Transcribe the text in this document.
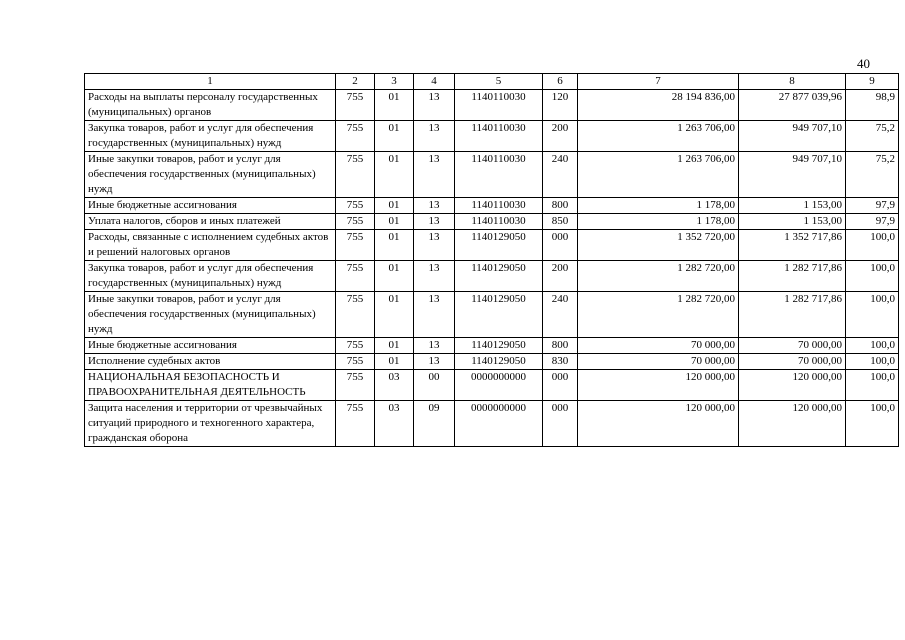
40
1	2	3	4	5	6	7	8	9
Расходы на выплаты персоналу государственных (муниципальных) органов	755	01	13	1140110030	120	28 194 836,00	27 877 039,96	98,9
Закупка товаров, работ и услуг для обеспечения государственных (муниципальных) нужд	755	01	13	1140110030	200	1 263 706,00	949 707,10	75,2
Иные закупки товаров, работ и услуг для обеспечения государственных (муниципальных) нужд	755	01	13	1140110030	240	1 263 706,00	949 707,10	75,2
Иные бюджетные ассигнования	755	01	13	1140110030	800	1 178,00	1 153,00	97,9
Уплата налогов, сборов и иных платежей	755	01	13	1140110030	850	1 178,00	1 153,00	97,9
Расходы, связанные с исполнением судебных актов и решений налоговых органов	755	01	13	1140129050	000	1 352 720,00	1 352 717,86	100,0
Закупка товаров, работ и услуг для обеспечения государственных (муниципальных) нужд	755	01	13	1140129050	200	1 282 720,00	1 282 717,86	100,0
Иные закупки товаров, работ и услуг для обеспечения государственных (муниципальных) нужд	755	01	13	1140129050	240	1 282 720,00	1 282 717,86	100,0
Иные бюджетные ассигнования	755	01	13	1140129050	800	70 000,00	70 000,00	100,0
Исполнение судебных актов	755	01	13	1140129050	830	70 000,00	70 000,00	100,0
НАЦИОНАЛЬНАЯ БЕЗОПАСНОСТЬ И ПРАВООХРАНИТЕЛЬНАЯ ДЕЯТЕЛЬНОСТЬ	755	03	00	0000000000	000	120 000,00	120 000,00	100,0
Защита населения и территории от чрезвычайных ситуаций природного и техногенного характера, гражданская оборона	755	03	09	0000000000	000	120 000,00	120 000,00	100,0
